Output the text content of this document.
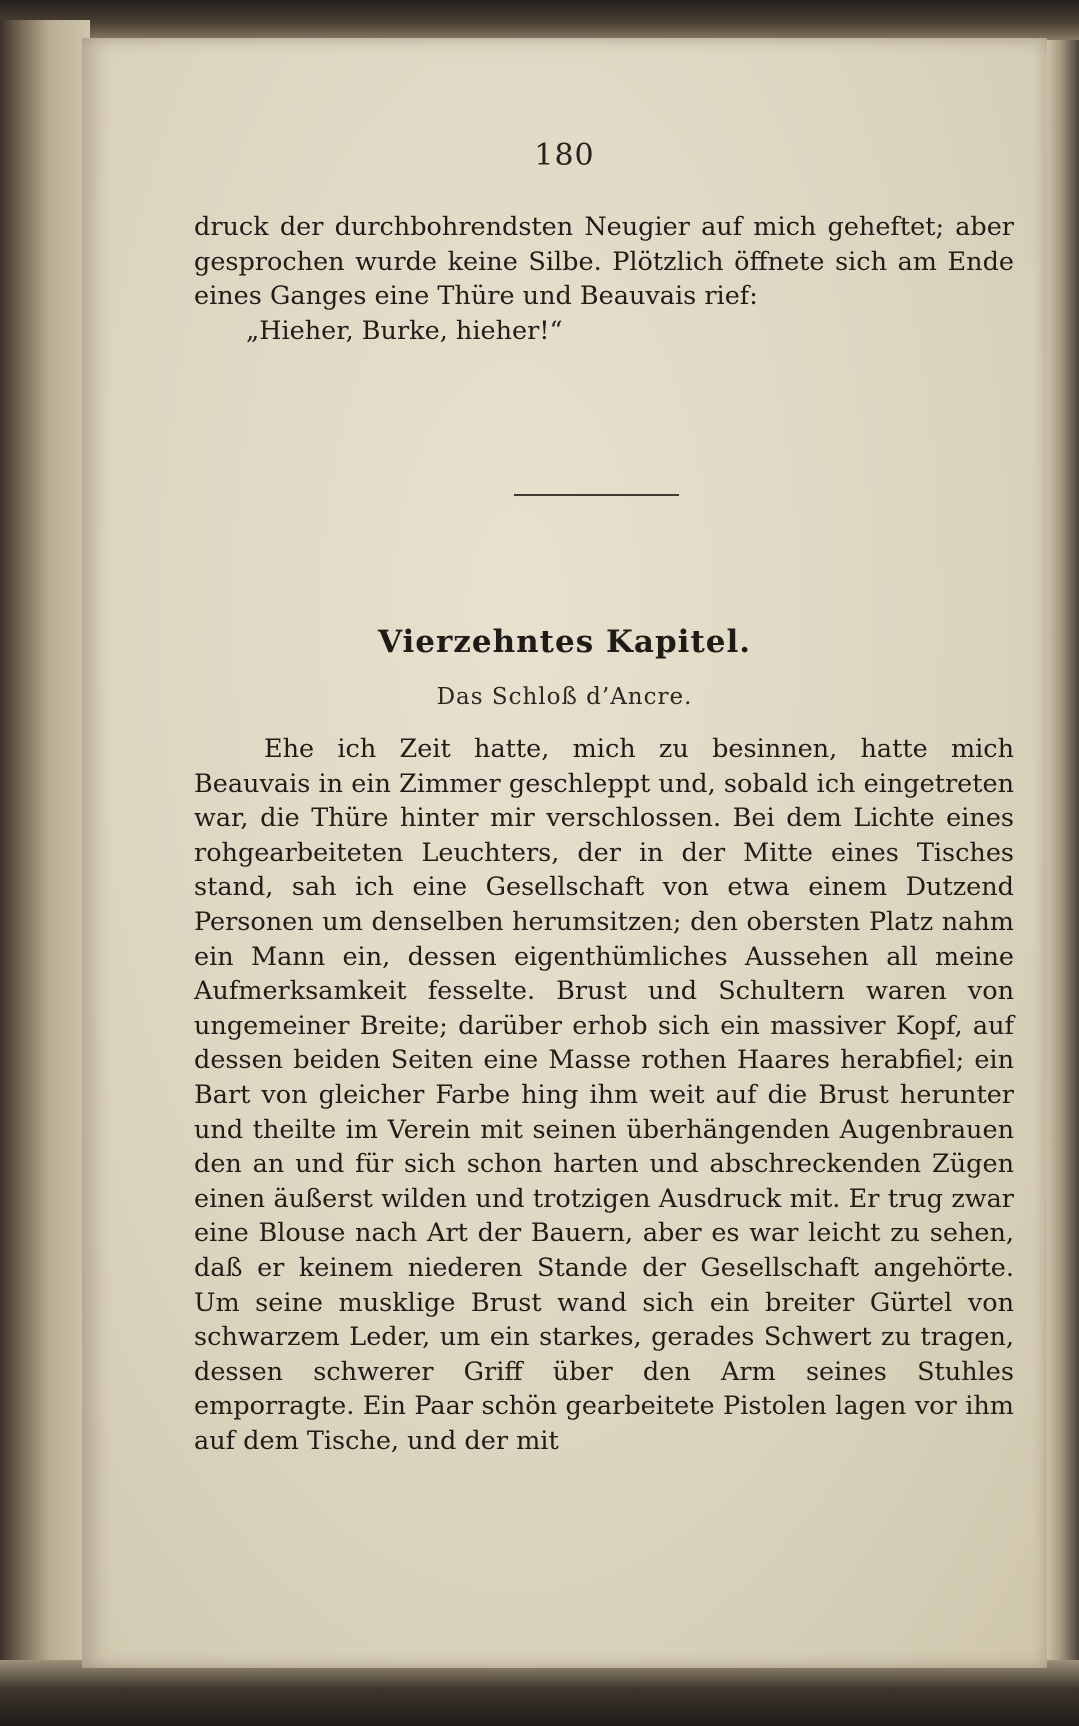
180
druck der durchbohrendsten Neugier auf mich geheftet; aber gesprochen wurde keine Silbe. Plötzlich öffnete sich am Ende eines Ganges eine Thüre und Beauvais rief:
„Hieher, Burke, hieher!“
Vierzehntes Kapitel.
Das Schloß d’Ancre.
Ehe ich Zeit hatte, mich zu besinnen, hatte mich Beauvais in ein Zimmer geschleppt und, sobald ich eingetreten war, die Thüre hinter mir verschlossen. Bei dem Lichte eines rohgearbeiteten Leuchters, der in der Mitte eines Tisches stand, sah ich eine Gesellschaft von etwa einem Dutzend Personen um denselben herumsitzen; den obersten Platz nahm ein Mann ein, dessen eigenthümliches Aussehen all meine Aufmerksamkeit fesselte. Brust und Schultern waren von ungemeiner Breite; darüber erhob sich ein massiver Kopf, auf dessen beiden Seiten eine Masse rothen Haares herabfiel; ein Bart von gleicher Farbe hing ihm weit auf die Brust herunter und theilte im Verein mit seinen überhängenden Augenbrauen den an und für sich schon harten und abschreckenden Zügen einen äußerst wilden und trotzigen Ausdruck mit. Er trug zwar eine Blouse nach Art der Bauern, aber es war leicht zu sehen, daß er keinem niederen Stande der Gesellschaft angehörte. Um seine musklige Brust wand sich ein breiter Gürtel von schwarzem Leder, um ein starkes, gerades Schwert zu tragen, dessen schwerer Griff über den Arm seines Stuhles emporragte. Ein Paar schön gearbeitete Pistolen lagen vor ihm auf dem Tische, und der mit
